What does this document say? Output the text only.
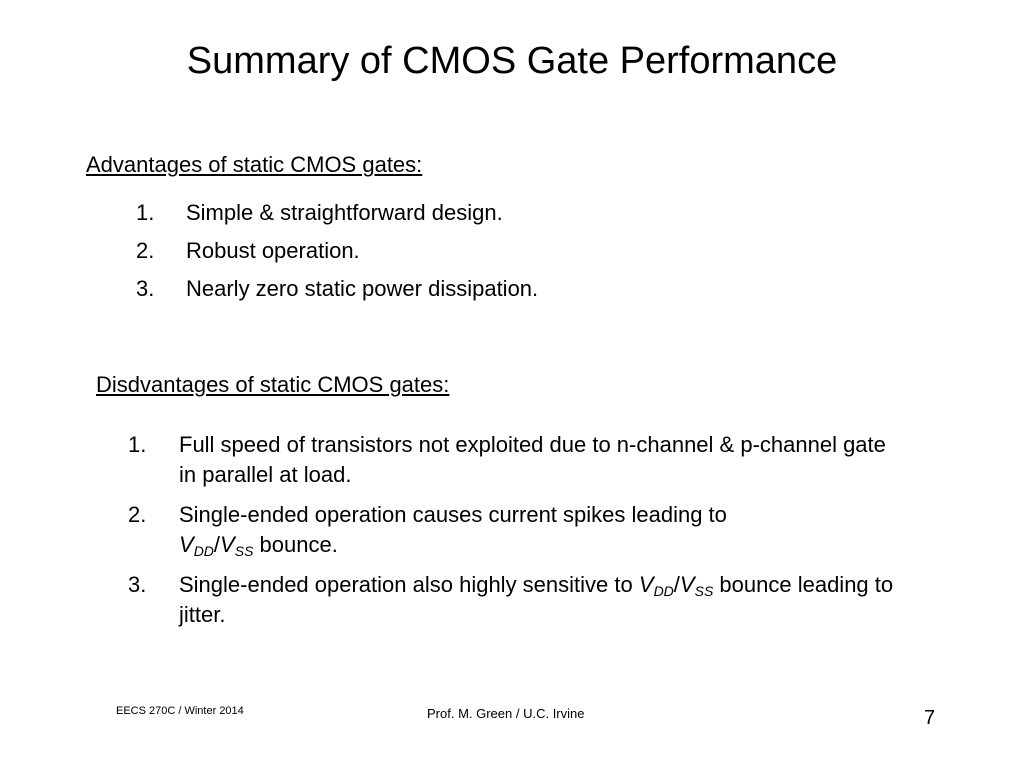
Summary of CMOS Gate Performance
Advantages of static CMOS gates:
1. Simple & straightforward design.
2. Robust operation.
3. Nearly zero static power dissipation.
Disdvantages of static CMOS gates:
1. Full speed of transistors not exploited due to n-channel & p-channel gate in parallel at load.
2. Single-ended operation causes current spikes leading to
$V_{DD}/V_{SS}$ bounce.
3. Single-ended operation also highly sensitive to $V_{DD}/V_{SS}$ bounce leading to jitter.
EECS 270C / Winter 2014	Prof. M. Green / U.C. Irvine	7
